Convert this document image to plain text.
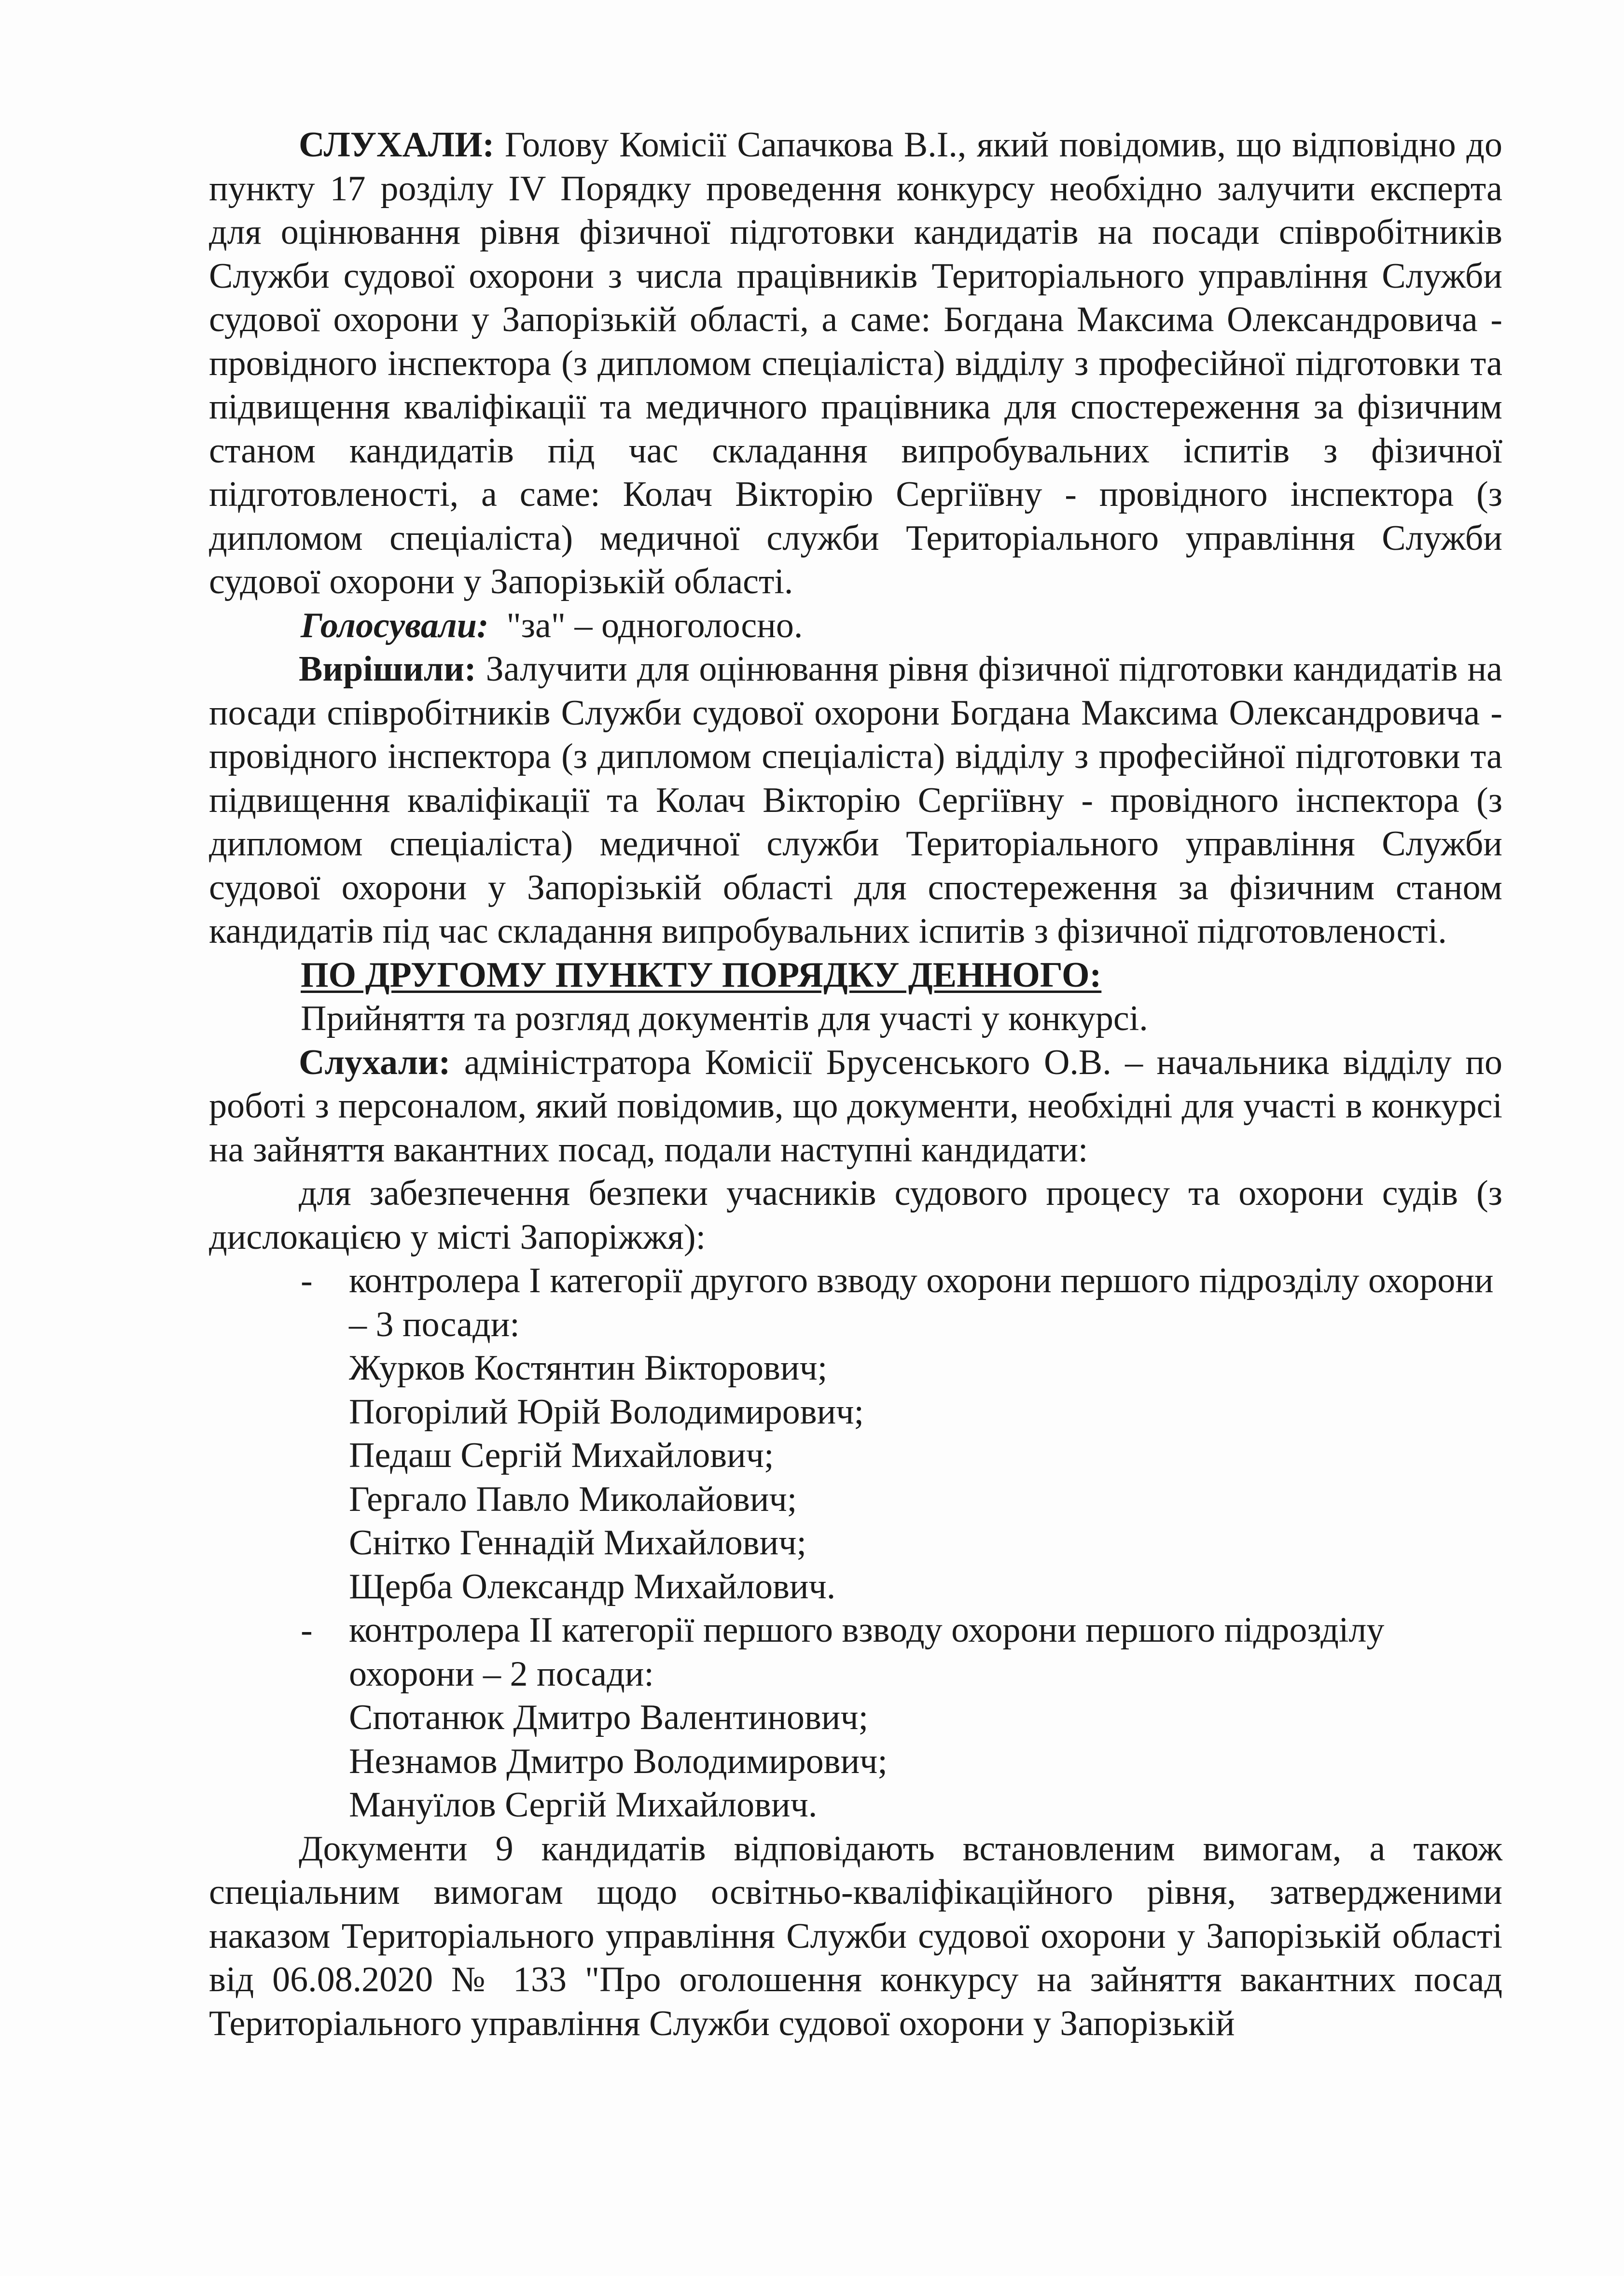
СЛУХАЛИ: Голову Комісії Сапачкова В.І., який повідомив, що відповідно до пункту 17 розділу IV Порядку проведення конкурсу необхідно залучити експерта для оцінювання рівня фізичної підготовки кандидатів на посади співробітників Служби судової охорони з числа працівників Територіального управління Служби судової охорони у Запорізькій області, а саме: Богдана Максима Олександровича - провідного інспектора (з дипломом спеціаліста) відділу з професійної підготовки та підвищення кваліфікації та медичного працівника для спостереження за фізичним станом кандидатів під час складання випробувальних іспитів з фізичної підготовленості, а саме: Колач Вікторію Сергіївну - провідного інспектора (з дипломом спеціаліста) медичної служби Територіального управління Служби судової охорони у Запорізькій області.

Голосували:  "за" – одноголосно.

Вирішили: Залучити для оцінювання рівня фізичної підготовки кандидатів на посади співробітників Служби судової охорони Богдана Максима Олександровича - провідного інспектора (з дипломом спеціаліста) відділу з професійної підготовки та підвищення кваліфікації та Колач Вікторію Сергіївну - провідного інспектора (з дипломом спеціаліста) медичної служби Територіального управління Служби судової охорони у Запорізькій області для спостереження за фізичним станом кандидатів під час складання випробувальних іспитів з фізичної підготовленості.

ПО ДРУГОМУ ПУНКТУ ПОРЯДКУ ДЕННОГО:

Прийняття та розгляд документів для участі у конкурсі.

Слухали: адміністратора Комісії Брусенського О.В. – начальника відділу по роботі з персоналом, який повідомив, що документи, необхідні для участі в конкурсі на зайняття вакантних посад, подали наступні кандидати:

для забезпечення безпеки учасників судового процесу та охорони судів (з дислокацією у місті Запоріжжя):

- контролера І категорії другого взводу охорони першого підрозділу охорони – 3 посади:

Журков Костянтин Вікторович;
Погорілий Юрій Володимирович;
Педаш Сергій Михайлович;
Гергало Павло Миколайович;
Снітко Геннадій Михайлович;
Щерба Олександр Михайлович.
- контролера ІІ категорії першого взводу охорони першого підрозділу охорони – 2 посади:

Спотанюк Дмитро Валентинович;
Незнамов Дмитро Володимирович;
Мануїлов Сергій Михайлович.

Документи 9 кандидатів відповідають встановленим вимогам, а також спеціальним вимогам щодо освітньо-кваліфікаційного рівня, затвердженими наказом Територіального управління Служби судової охорони у Запорізькій області від 06.08.2020 № 133 "Про оголошення конкурсу на зайняття вакантних посад Територіального управління Служби судової охорони у Запорізькій
